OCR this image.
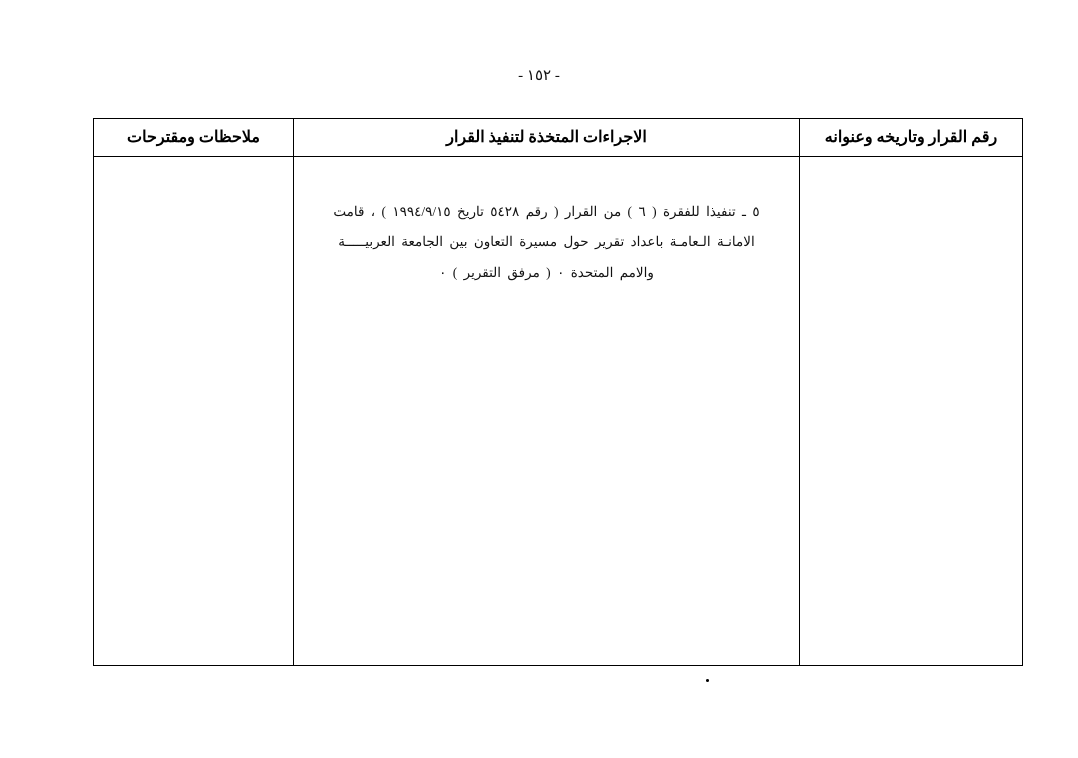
- ١٥٢ -
رقم القرار وتاريخه وعنوانه
الاجراءات المتخذة لتنفيذ القرار
ملاحظات ومقترحات
٥ ـ تنفيذا للفقرة ( ٦ ) من القرار ( رقم ٥٤٢٨ تاريخ ١٩٩٤/٩/١٥ ) ، قامت
الامانـة الـعامـة باعداد تقرير حول مسيرة التعاون بين الجامعة العربيـــــة
والامم المتحدة ٠ ( مرفق التقرير ) ٠
